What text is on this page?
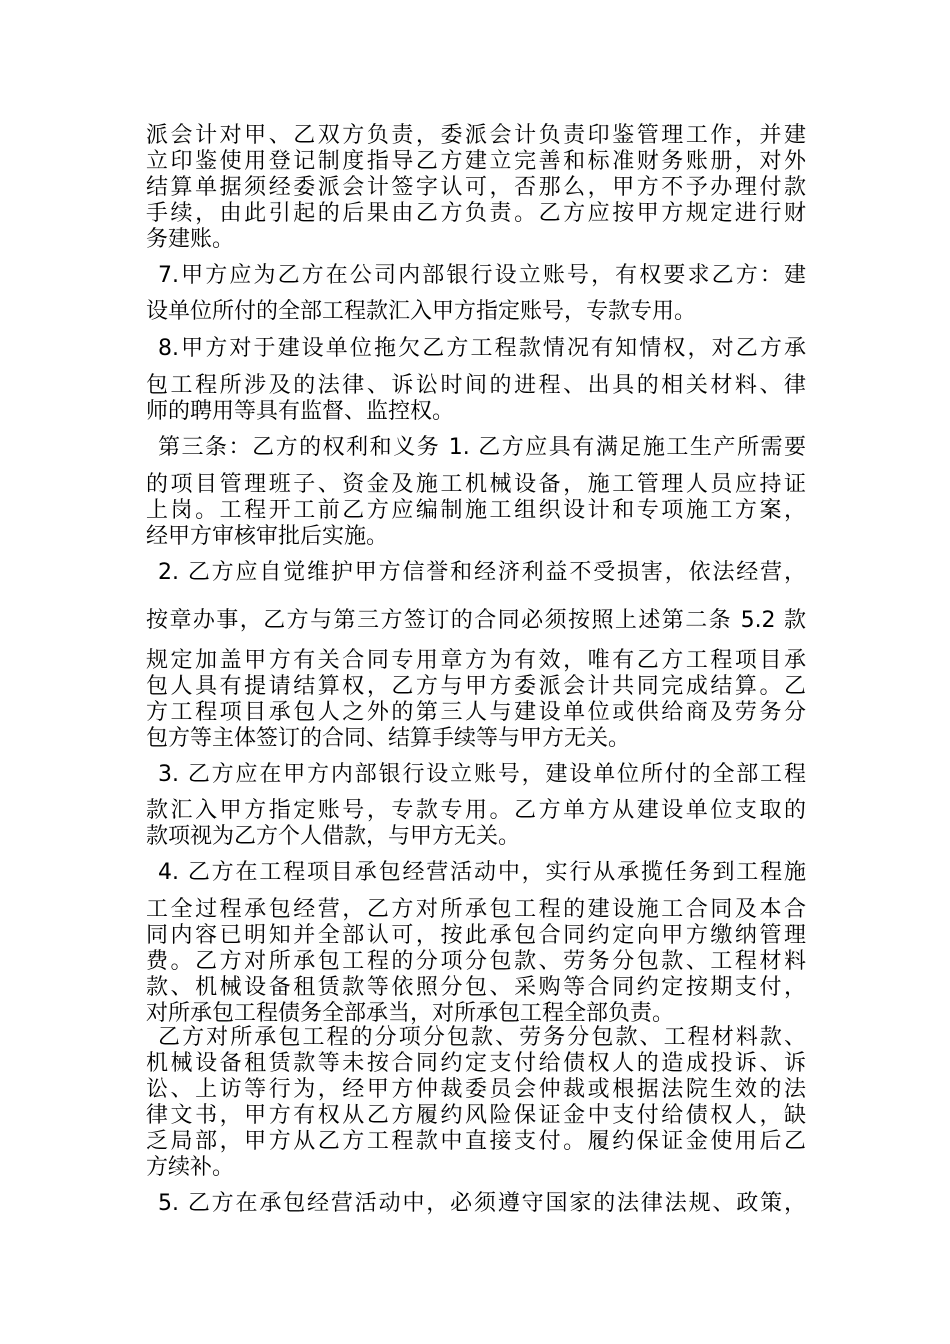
派会计对甲、乙双方负责，委派会计负责印鉴管理工作，并建
立印鉴使用登记制度指导乙方建立完善和标准财务账册，对外
结算单据须经委派会计签字认可，否那么，甲方不予办理付款
手续，由此引起的后果由乙方负责。乙方应按甲方规定进行财
务建账。
7.甲方应为乙方在公司内部银行设立账号，有权要求乙方：建
设单位所付的全部工程款汇入甲方指定账号，专款专用。
8.甲方对于建设单位拖欠乙方工程款情况有知情权，对乙方承
包工程所涉及的法律、诉讼时间的进程、出具的相关材料、律
师的聘用等具有监督、监控权。
第三条：乙方的权利和义务 1. 乙方应具有满足施工生产所需要
的项目管理班子、资金及施工机械设备，施工管理人员应持证
上岗。工程开工前乙方应编制施工组织设计和专项施工方案，
经甲方审核审批后实施。
2. 乙方应自觉维护甲方信誉和经济利益不受损害，依法经营，
按章办事，乙方与第三方签订的合同必须按照上述第二条 5.2 款
规定加盖甲方有关合同专用章方为有效，唯有乙方工程项目承
包人具有提请结算权，乙方与甲方委派会计共同完成结算。乙
方工程项目承包人之外的第三人与建设单位或供给商及劳务分
包方等主体签订的合同、结算手续等与甲方无关。
3. 乙方应在甲方内部银行设立账号，建设单位所付的全部工程
款汇入甲方指定账号，专款专用。乙方单方从建设单位支取的
款项视为乙方个人借款，与甲方无关。
4. 乙方在工程项目承包经营活动中，实行从承揽任务到工程施
工全过程承包经营，乙方对所承包工程的建设施工合同及本合
同内容已明知并全部认可，按此承包合同约定向甲方缴纳管理
费。乙方对所承包工程的分项分包款、劳务分包款、工程材料
款、机械设备租赁款等依照分包、采购等合同约定按期支付，
对所承包工程债务全部承当，对所承包工程全部负责。
乙方对所承包工程的分项分包款、劳务分包款、工程材料款、
机械设备租赁款等未按合同约定支付给债权人的造成投诉、诉
讼、上访等行为，经甲方仲裁委员会仲裁或根据法院生效的法
律文书，甲方有权从乙方履约风险保证金中支付给债权人，缺
乏局部，甲方从乙方工程款中直接支付。履约保证金使用后乙
方续补。
5. 乙方在承包经营活动中，必须遵守国家的法律法规、政策，
